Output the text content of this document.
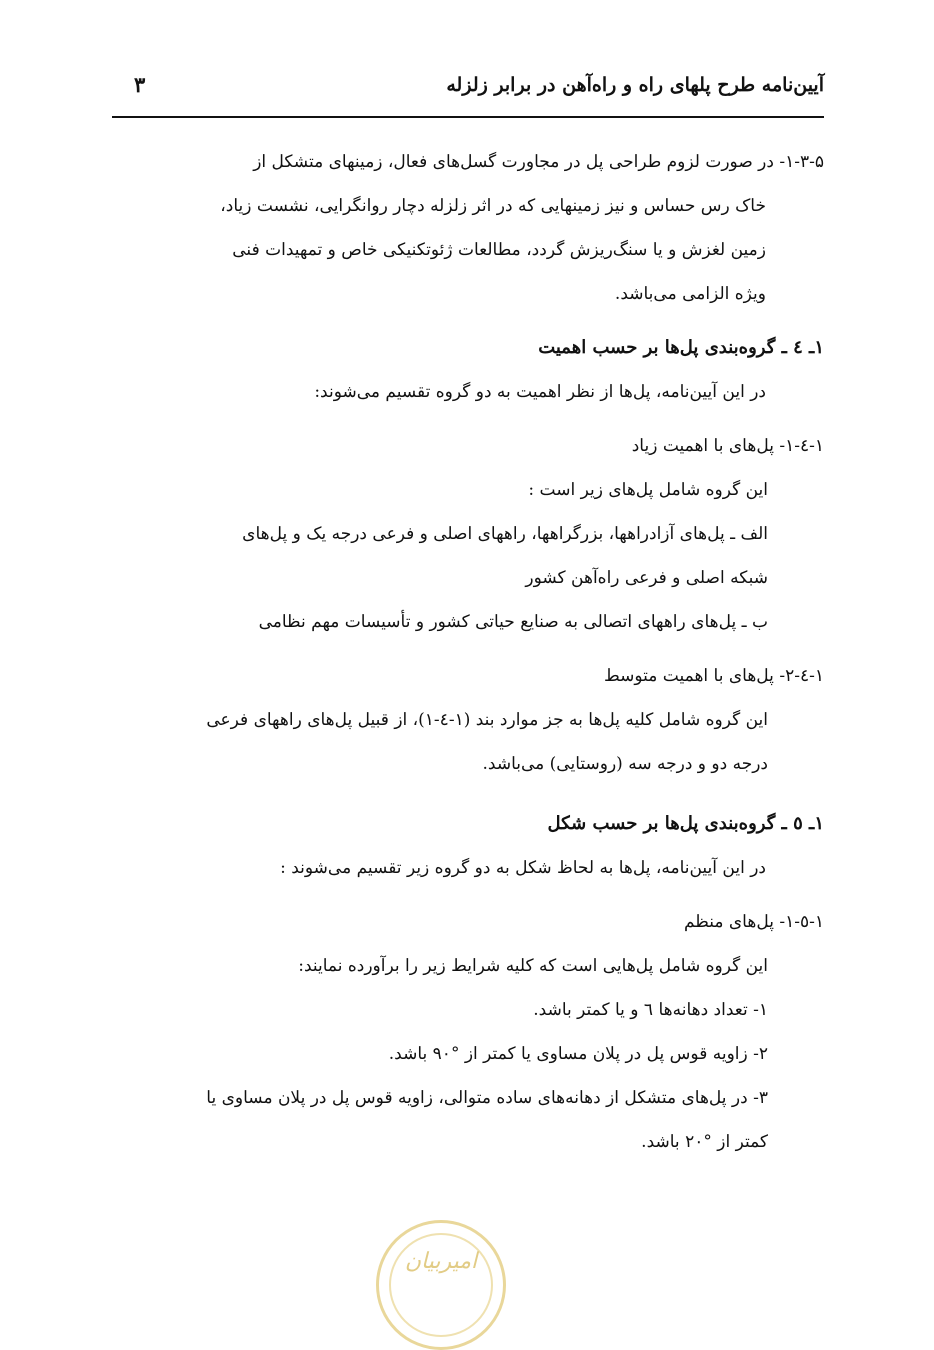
آیین‌نامه طرح پلهای راه و راه‌آهن در برابر زلزله
۳

۱-۳-۵- در صورت لزوم طراحی پل در مجاورت گسل‌های فعال، زمینهای متشکل از

خاک رس حساس و نیز زمینهایی که در اثر زلزله دچار روانگرایی، نشست زیاد،

زمین لغزش و یا سنگ‌ریزش گردد، مطالعات ژئوتکنیکی خاص و تمهیدات فنی

ویژه الزامی می‌باشد.

۱ـ ٤ ـ گروه‌بندی پل‌ها بر حسب اهمیت

در این آیین‌نامه، پل‌ها از نظر اهمیت به دو گروه تقسیم می‌شوند:

۱-٤-۱- پل‌های با اهمیت زیاد

این گروه شامل پل‌های زیر است :

الف ـ پل‌های آزادراهها، بزرگراهها، راههای اصلی و فرعی درجه یک و پل‌های

شبکه اصلی و فرعی راه‌آهن کشور

ب ـ پل‌های راههای اتصالی به صنایع حیاتی کشور و تأسیسات مهم نظامی

۱-٤-۲- پل‌های با اهمیت متوسط

این گروه شامل کلیه پل‌ها به جز موارد بند (۱-٤-۱)، از قبیل پل‌های راههای فرعی

درجه دو و درجه سه (روستایی) می‌باشد.

۱ـ ٥ ـ گروه‌بندی پل‌ها بر حسب شکل

در این آیین‌نامه، پل‌ها به لحاظ شکل به دو گروه زیر تقسیم می‌شوند :

۱-٥-۱- پل‌های منظم

این گروه شامل پل‌هایی است که کلیه شرایط زیر را برآورده نمایند:

۱- تعداد دهانه‌ها ٦ و یا کمتر باشد.

۲- زاویه قوس پل در پلان مساوی یا کمتر از °۹۰ باشد.

۳- در پل‌های متشکل از دهانه‌های ساده متوالی، زاویه قوس پل در پلان مساوی یا

کمتر از °۲۰ باشد.

امیربیان
